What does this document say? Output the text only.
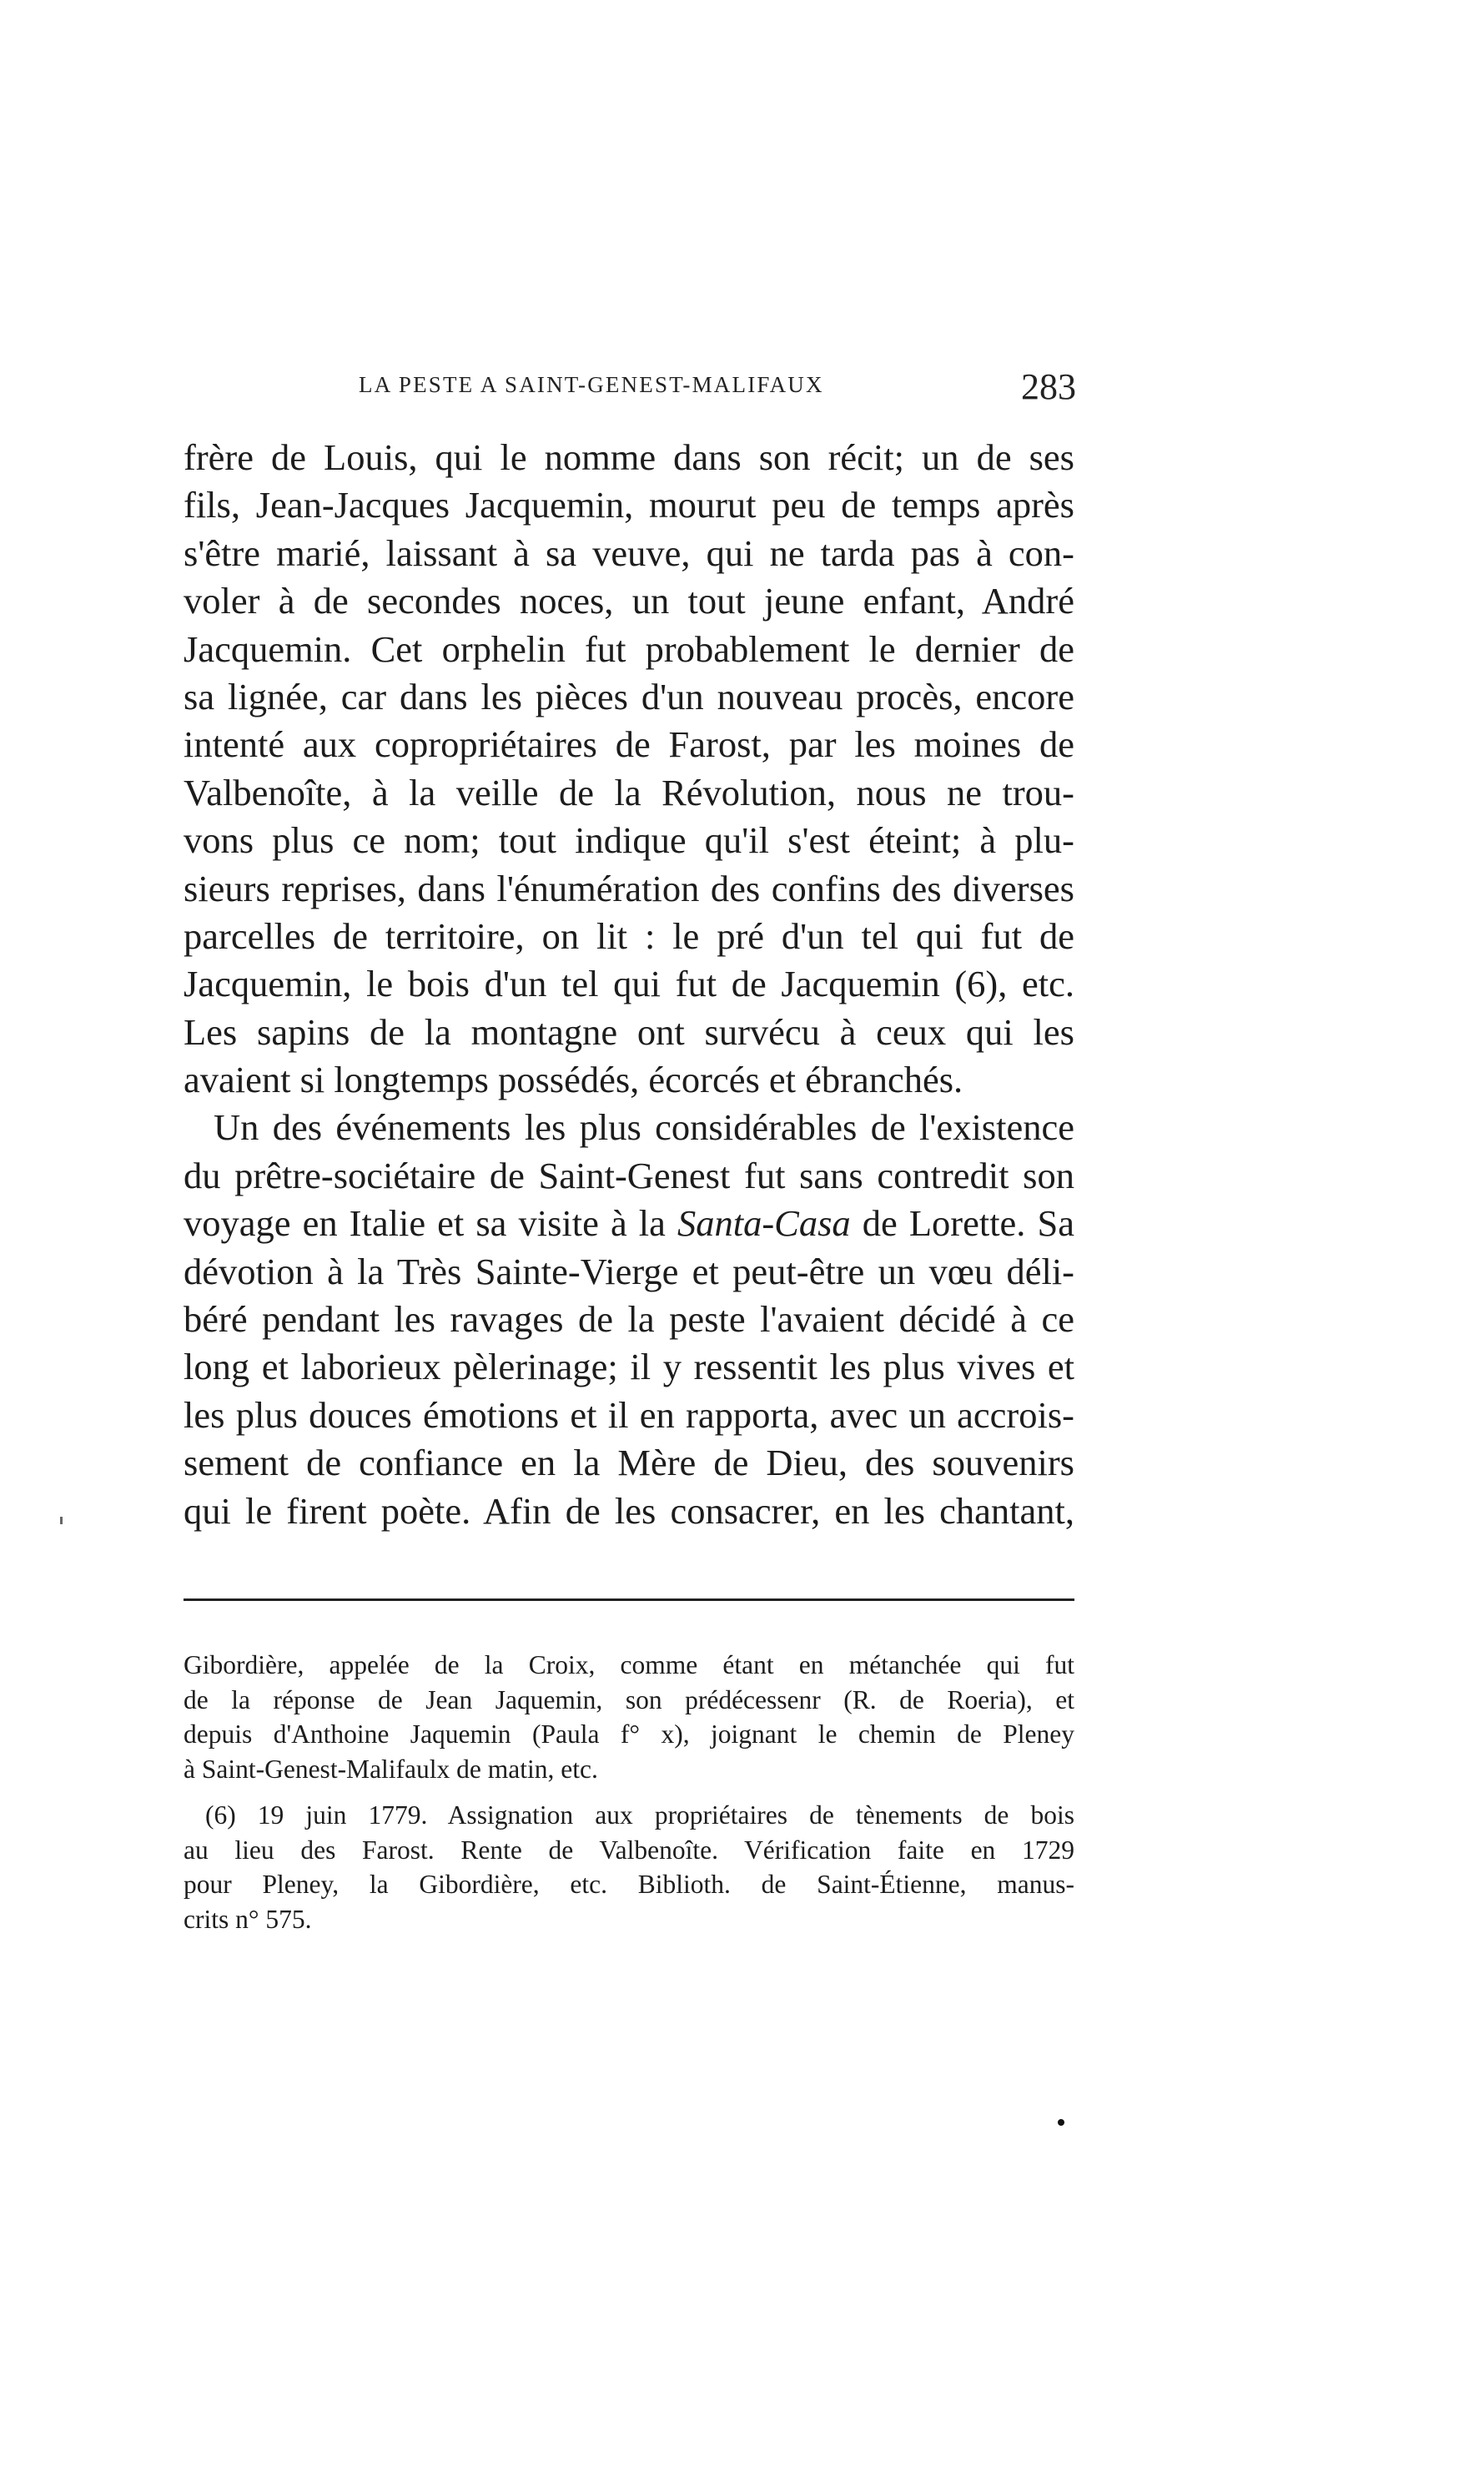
LA PESTE A SAINT-GENEST-MALIFAUX	283
frère de Louis, qui le nomme dans son récit; un de ses
fils, Jean-Jacques Jacquemin, mourut peu de temps après
s'être marié, laissant à sa veuve, qui ne tarda pas à con-
voler à de secondes noces, un tout jeune enfant, André
Jacquemin. Cet orphelin fut probablement le dernier de
sa lignée, car dans les pièces d'un nouveau procès, encore
intenté aux copropriétaires de Farost, par les moines de
Valbenoîte, à la veille de la Révolution, nous ne trou-
vons plus ce nom; tout indique qu'il s'est éteint; à plu-
sieurs reprises, dans l'énumération des confins des diverses
parcelles de territoire, on lit : le pré d'un tel qui fut de
Jacquemin, le bois d'un tel qui fut de Jacquemin (6), etc.
Les sapins de la montagne ont survécu à ceux qui les
avaient si longtemps possédés, écorcés et ébranchés.
Un des événements les plus considérables de l'existence
du prêtre-sociétaire de Saint-Genest fut sans contredit son
voyage en Italie et sa visite à la Santa-Casa de Lorette. Sa
dévotion à la Très Sainte-Vierge et peut-être un vœu déli-
béré pendant les ravages de la peste l'avaient décidé à ce
long et laborieux pèlerinage; il y ressentit les plus vives et
les plus douces émotions et il en rapporta, avec un accrois-
sement de confiance en la Mère de Dieu, des souvenirs
qui le firent poète. Afin de les consacrer, en les chantant,
Gibordière, appelée de la Croix, comme étant en métanchée qui fut
de la réponse de Jean Jaquemin, son prédécessenr (R. de Roeria), et
depuis d'Anthoine Jaquemin (Paula f° x), joignant le chemin de Pleney
à Saint-Genest-Malifaulx de matin, etc.
(6) 19 juin 1779. Assignation aux propriétaires de tènements de bois
au lieu des Farost. Rente de Valbenoîte. Vérification faite en 1729
pour Pleney, la Gibordière, etc. Biblioth. de Saint-Étienne, manus-
crits n° 575.
